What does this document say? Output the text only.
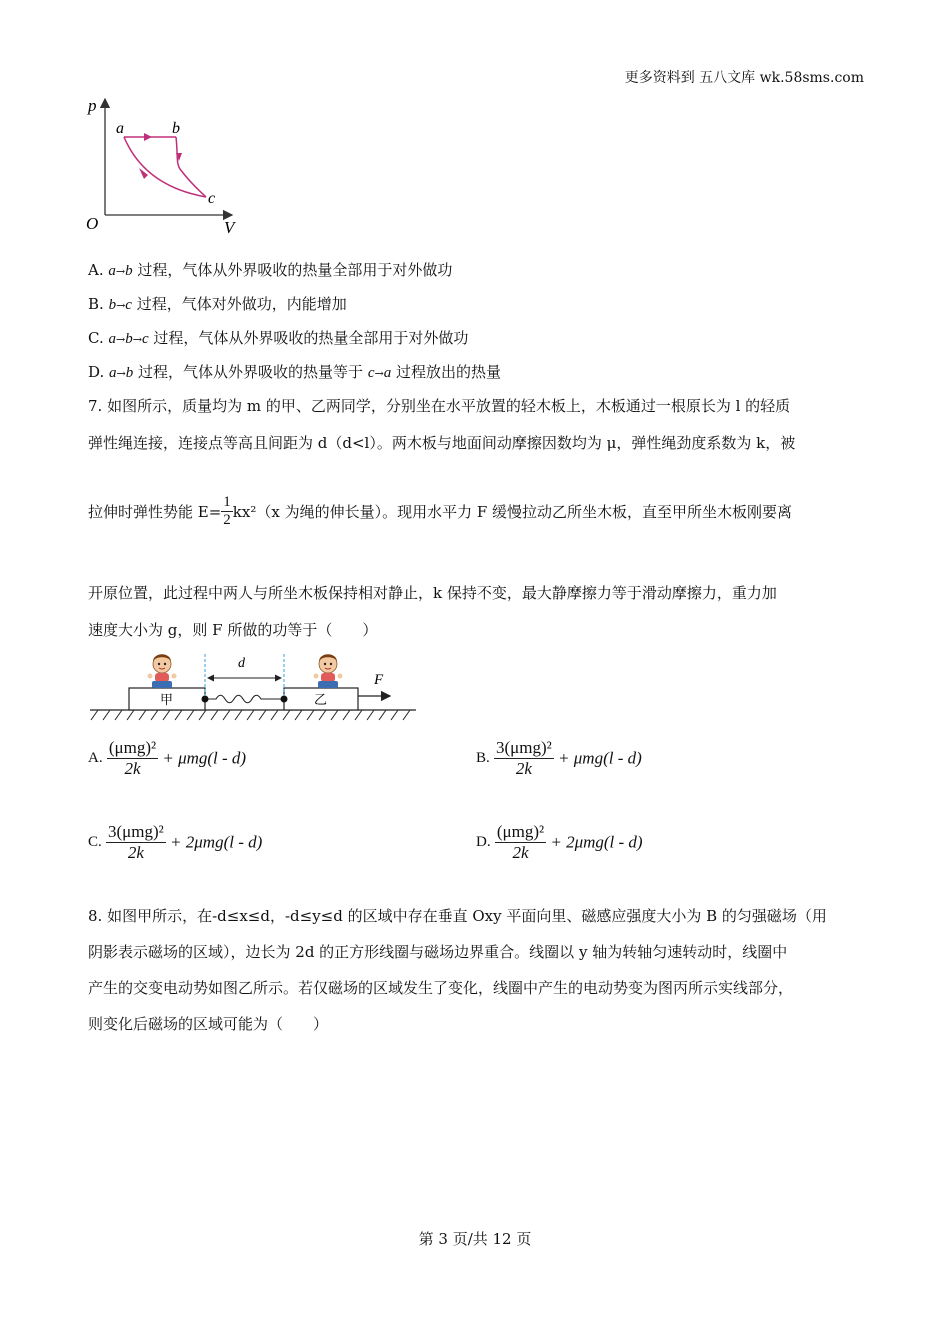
更多资料到 五八文库 wk.58sms.com
p
V
O
a	b
c
A. a→b 过程，气体从外界吸收的热量全部用于对外做功
B. b→c 过程，气体对外做功，内能增加
C. a→b→c 过程，气体从外界吸收的热量全部用于对外做功
D. a→b 过程，气体从外界吸收的热量等于 c→a 过程放出的热量
7. 如图所示，质量均为 m 的甲、乙两同学，分别坐在水平放置的轻木板上，木板通过一根原长为 l 的轻质
弹性绳连接，连接点等高且间距为 d（d<l）。两木板与地面间动摩擦因数均为 μ，弹性绳劲度系数为 k，被
拉伸时弹性势能 $E= \frac{1}{2} kx^2(x$ 为绳的伸长量）。现用水平力 F 缓慢拉动乙所坐木板，直至甲所坐木板刚要离
开原位置，此过程中两人与所坐木板保持相对静止，k 保持不变，最大静摩擦力等于滑动摩擦力，重力加
速度大小为 g，则 F 所做的功等于（　　）
甲	乙
d
F
A. $\frac{\text{(μmg)²}}{2k} + \mu mg(l - d)$	B. $\frac{\text{3(μmg)²}}{2k} + \mu mg(l - d)$
C. $\frac{\text{3(μmg)²}}{2k} + 2\mu mg(l - d)$	D. $\frac{\text{(μmg)²}}{2k} + 2\mu mg(l - d)$
8. 如图甲所示，在-d≤x≤d，-d≤y≤d 的区域中存在垂直 Oxy 平面向里、磁感应强度大小为 B 的匀强磁场（用
阴影表示磁场的区域），边长为 2d 的正方形线圈与磁场边界重合。线圈以 y 轴为转轴匀速转动时，线圈中
产生的交变电动势如图乙所示。若仅磁场的区域发生了变化，线圈中产生的电动势变为图丙所示实线部分，
则变化后磁场的区域可能为（　　）
第 3 页/共 12 页
